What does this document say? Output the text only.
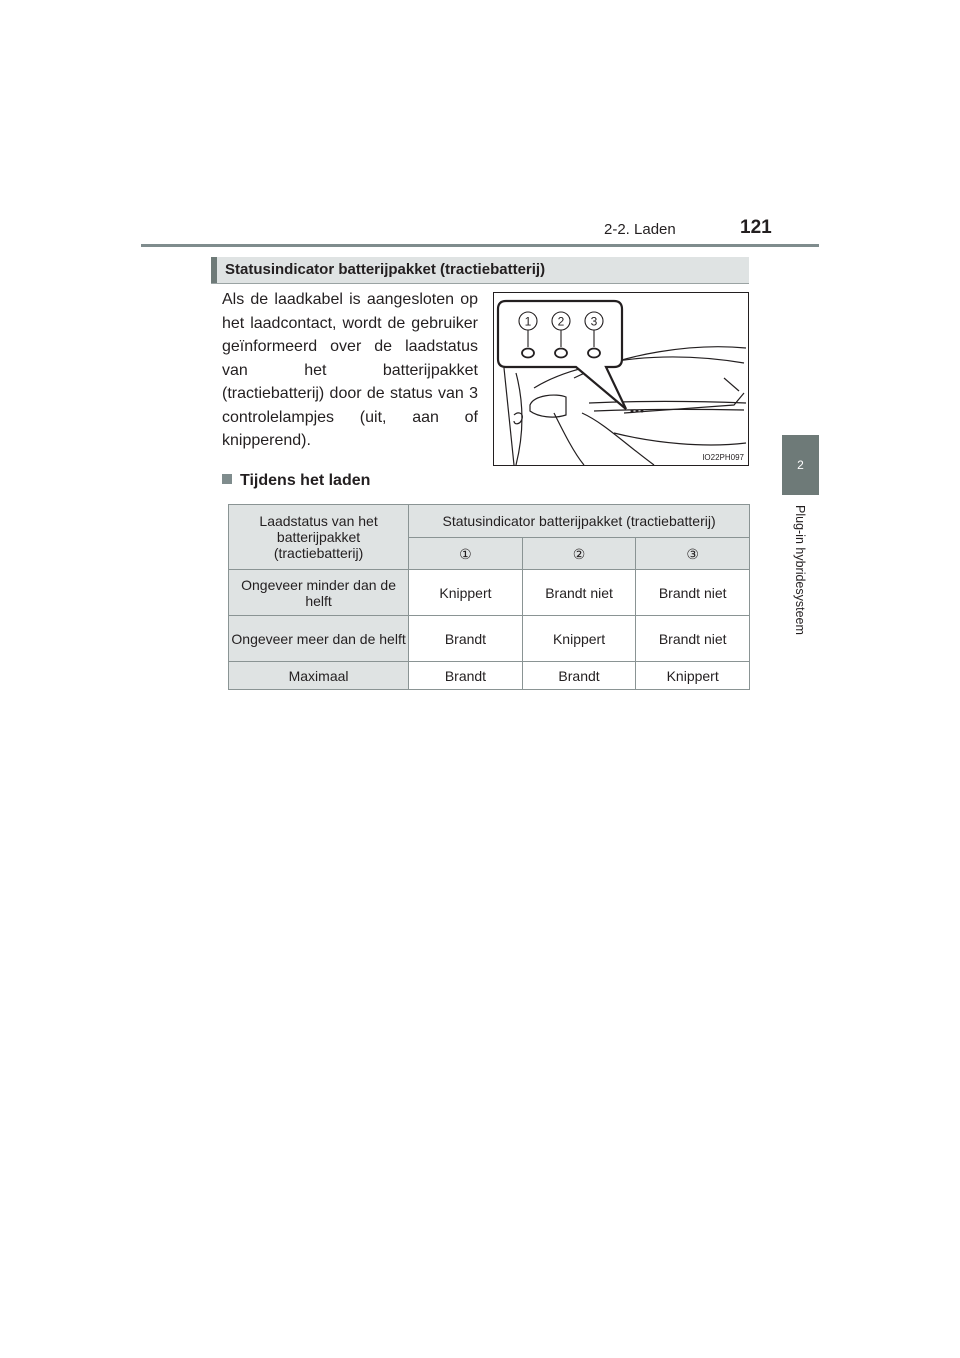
2-2. Laden	121
2
Plug-in hybridesysteem
Statusindicator batterijpakket (tractiebatterij)
Als de laadkabel is aangesloten op het laadcontact, wordt de gebruiker geïnformeerd over de laadstatus van het batterijpakket (tractiebatterij) door de status van 3 controlelampjes (uit, aan of knipperend).
1 2 3
IO22PH097
Tijdens het laden
Laadstatus van het batterijpakket (tractiebatterij)	Statusindicator batterijpakket (tractiebatterij)		
	①	②	③
Ongeveer minder dan de helft	Knippert	Brandt niet	Brandt niet
Ongeveer meer dan de helft	Brandt	Knippert	Brandt niet
Maximaal	Brandt	Brandt	Knippert
